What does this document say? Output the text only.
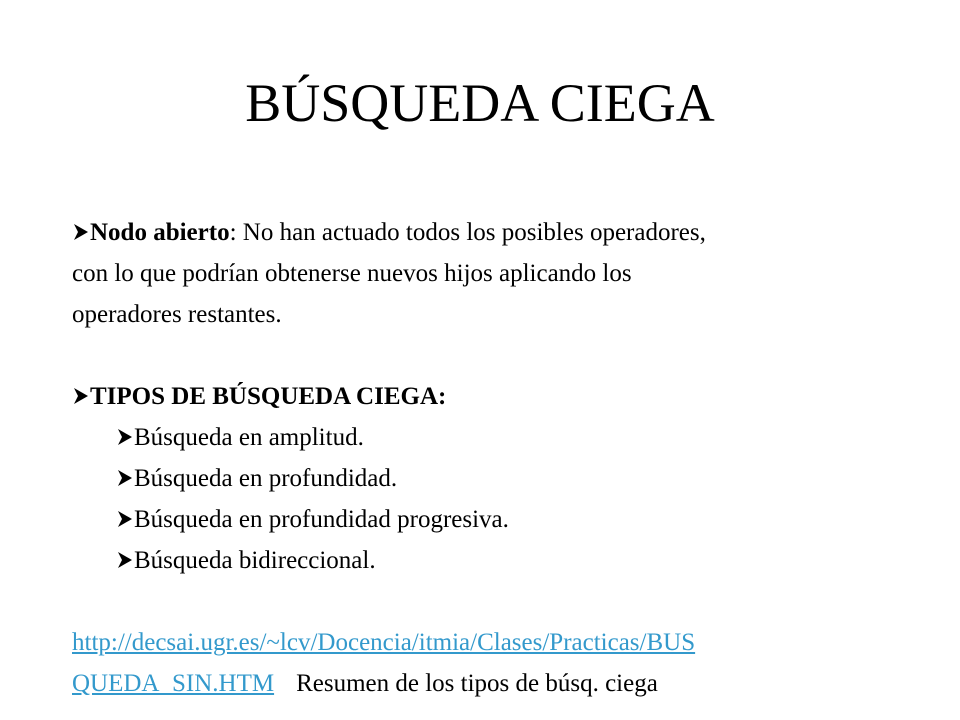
BÚSQUEDA CIEGA
Nodo abierto: No han actuado todos los posibles operadores,
con lo que podrían obtenerse nuevos hijos aplicando los
operadores restantes.
TIPOS DE BÚSQUEDA CIEGA:
Búsqueda en amplitud.
Búsqueda en profundidad.
Búsqueda en profundidad progresiva.
Búsqueda bidireccional.
http://decsai.ugr.es/~lcv/Docencia/itmia/Clases/Practicas/BUS
QUEDA_SIN.HTM Resumen de los tipos de búsq. ciega
